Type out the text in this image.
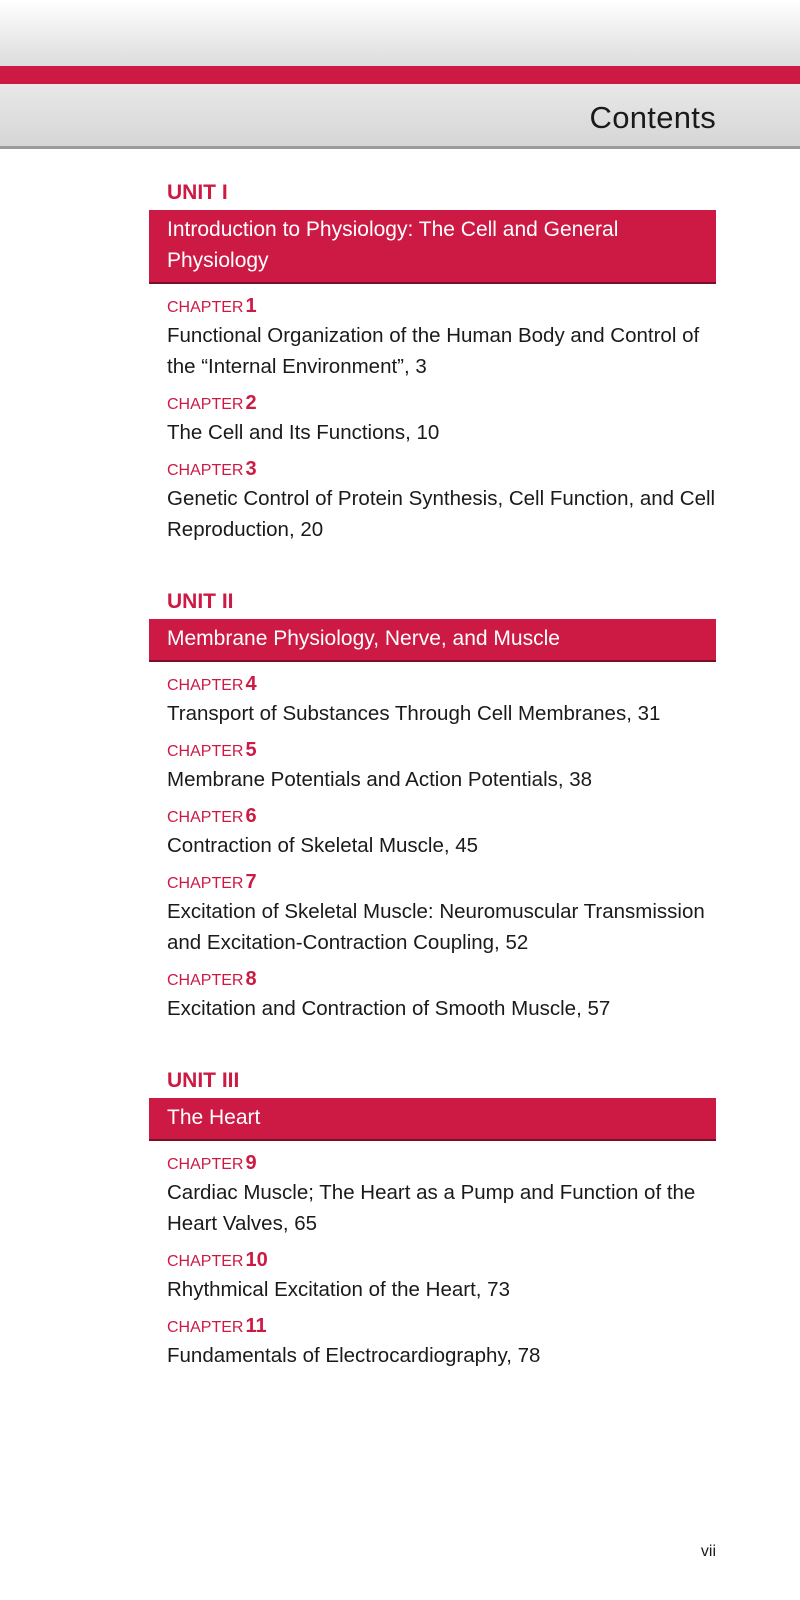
Contents
UNIT I
Introduction to Physiology: The Cell and General Physiology
CHAPTER 1
Functional Organization of the Human Body and Control of the “Internal Environment”, 3
CHAPTER 2
The Cell and Its Functions, 10
CHAPTER 3
Genetic Control of Protein Synthesis, Cell Function, and Cell Reproduction, 20
UNIT II
Membrane Physiology, Nerve, and Muscle
CHAPTER 4
Transport of Substances Through Cell Membranes, 31
CHAPTER 5
Membrane Potentials and Action Potentials, 38
CHAPTER 6
Contraction of Skeletal Muscle, 45
CHAPTER 7
Excitation of Skeletal Muscle: Neuromuscular Transmission and Excitation-Contraction Coupling, 52
CHAPTER 8
Excitation and Contraction of Smooth Muscle, 57
UNIT III
The Heart
CHAPTER 9
Cardiac Muscle; The Heart as a Pump and Function of the Heart Valves, 65
CHAPTER 10
Rhythmical Excitation of the Heart, 73
CHAPTER 11
Fundamentals of Electrocardiography, 78
vii
